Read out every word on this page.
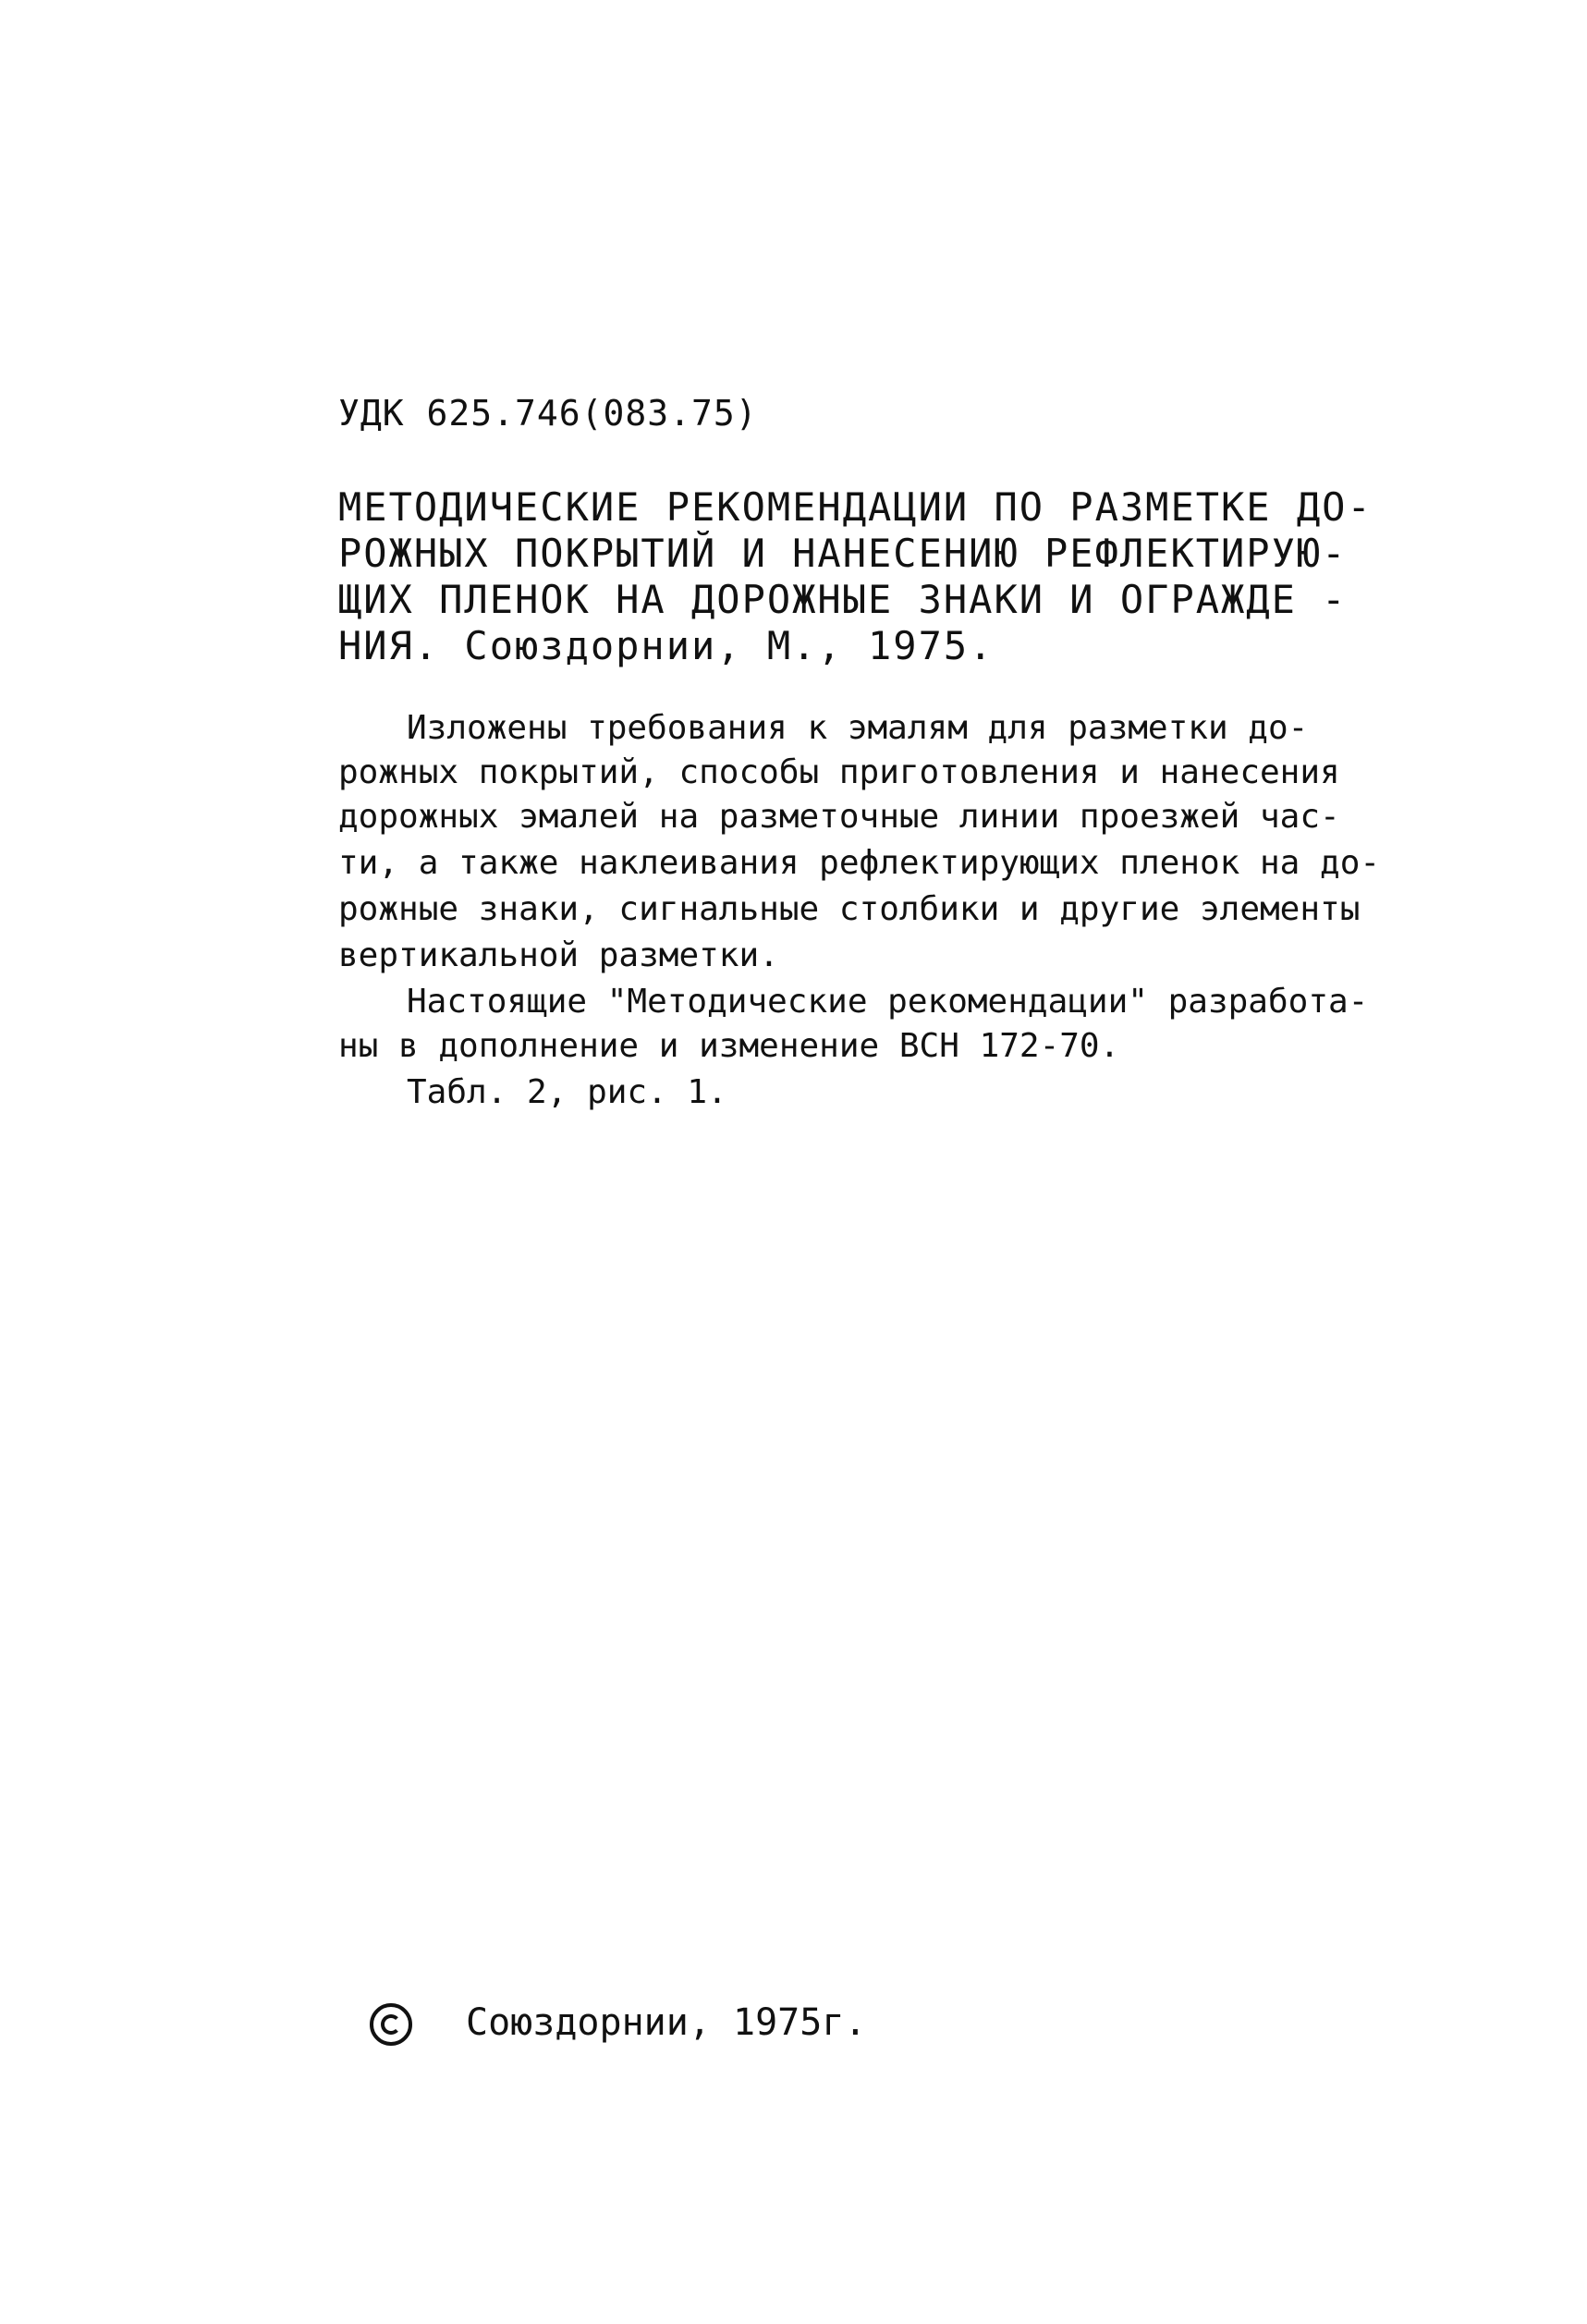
УДК 625.746(083.75)
МЕТОДИЧЕСКИЕ РЕКОМЕНДАЦИИ ПО РАЗМЕТКЕ ДО-
РОЖНЫХ ПОКРЫТИЙ И НАНЕСЕНИЮ РЕФЛЕКТИРУЮ-
ЩИХ ПЛЕНОК НА ДОРОЖНЫЕ ЗНАКИ И ОГРАЖДЕ -
НИЯ. Союздорнии, М., 1975.
Изложены требования к эмалям для разметки до-
рожных покрытий, способы приготовления и нанесения
дорожных эмалей на разметочные линии проезжей час-
ти, а также наклеивания рефлектирующих пленок на до-
рожные знаки, сигнальные столбики и другие элементы
вертикальной разметки.
Настоящие "Методические рекомендации" разработа-
ны в дополнение и изменение ВСН 172-70.
Табл. 2, рис. 1.
Союздорнии, 1975г.
